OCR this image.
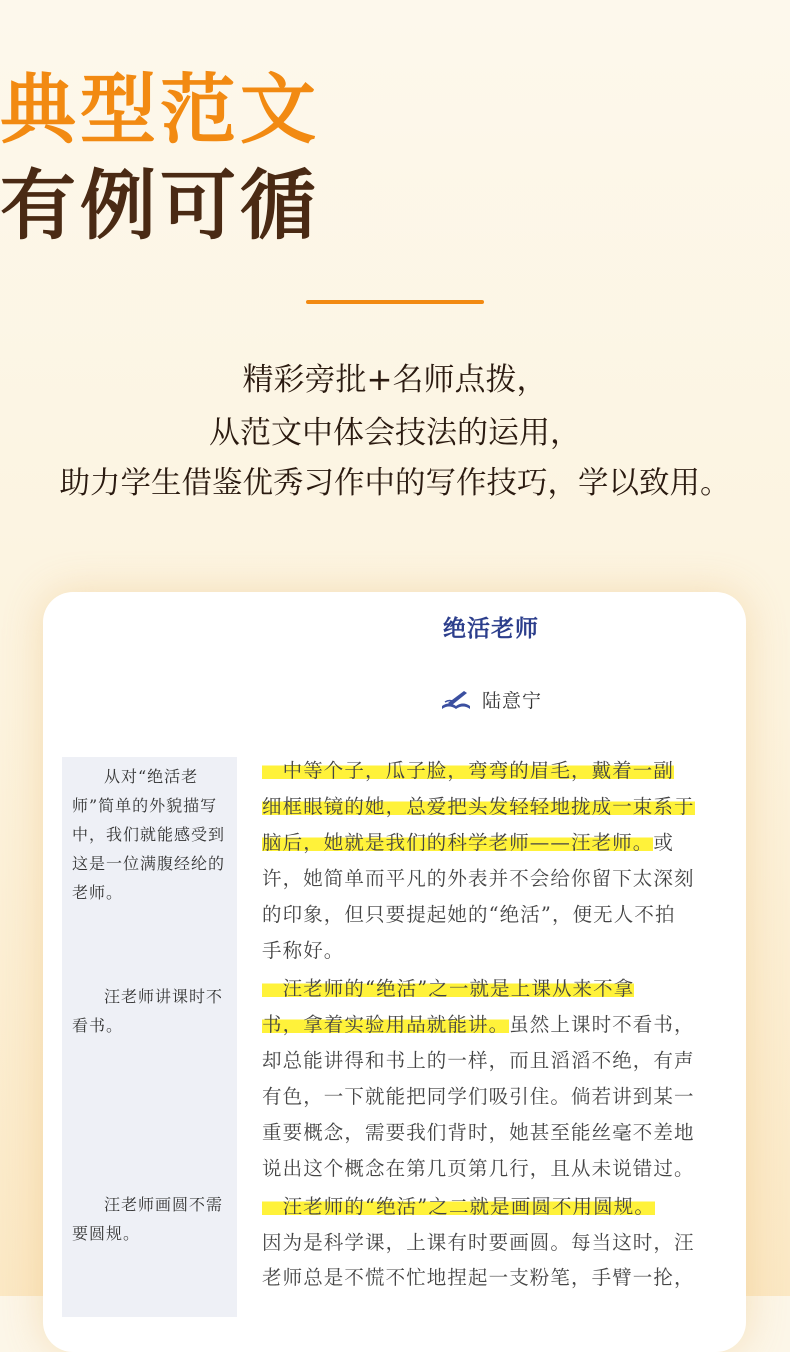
典型范文
有例可循
精彩旁批+名师点拨，
从范文中体会技法的运用，
助力学生借鉴优秀习作中的写作技巧，学以致用。
绝活老师
陆意宁
从对“绝活老师”简单的外貌描写中，我们就能感受到这是一位满腹经纶的老师。
汪老师讲课时不看书。
汪老师画圆不需要圆规。
　中等个子，瓜子脸，弯弯的眉毛，戴着一副
细框眼镜的她，总爱把头发轻轻地拢成一束系于
脑后，她就是我们的科学老师——汪老师。或
许，她简单而平凡的外表并不会给你留下太深刻
的印象，但只要提起她的“绝活”，便无人不拍
手称好。
　汪老师的“绝活”之一就是上课从来不拿
书，拿着实验用品就能讲。虽然上课时不看书，
却总能讲得和书上的一样，而且滔滔不绝，有声
有色，一下就能把同学们吸引住。倘若讲到某一
重要概念，需要我们背时，她甚至能丝毫不差地
说出这个概念在第几页第几行，且从未说错过。
　汪老师的“绝活”之二就是画圆不用圆规。
因为是科学课，上课有时要画圆。每当这时，汪
老师总是不慌不忙地捏起一支粉笔，手臂一抡，
